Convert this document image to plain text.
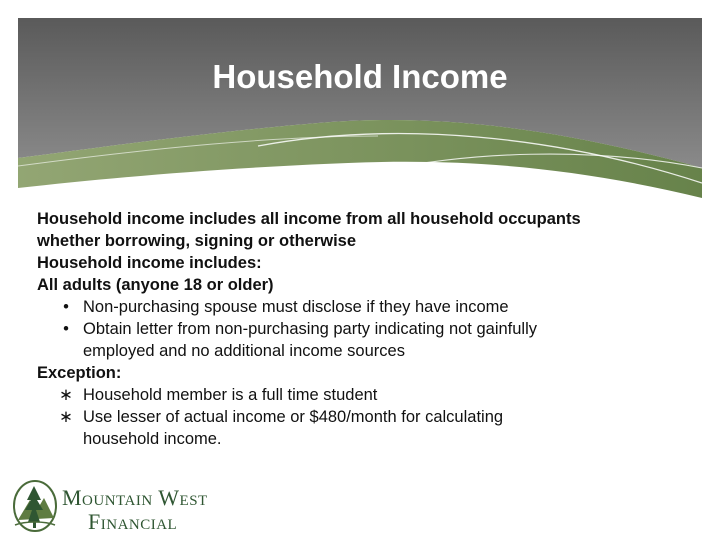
Household Income
Household income includes all income from all household occupants
whether borrowing, signing or otherwise
Household income includes:
All adults (anyone 18 or older)
• Non-purchasing spouse must disclose if they have income
• Obtain letter from non-purchasing party indicating not gainfully
employed and no additional income sources
Exception:
∗ Household member is a full time student
∗ Use lesser of actual income or $480/month for calculating
household income.
Mountain West
Financial
